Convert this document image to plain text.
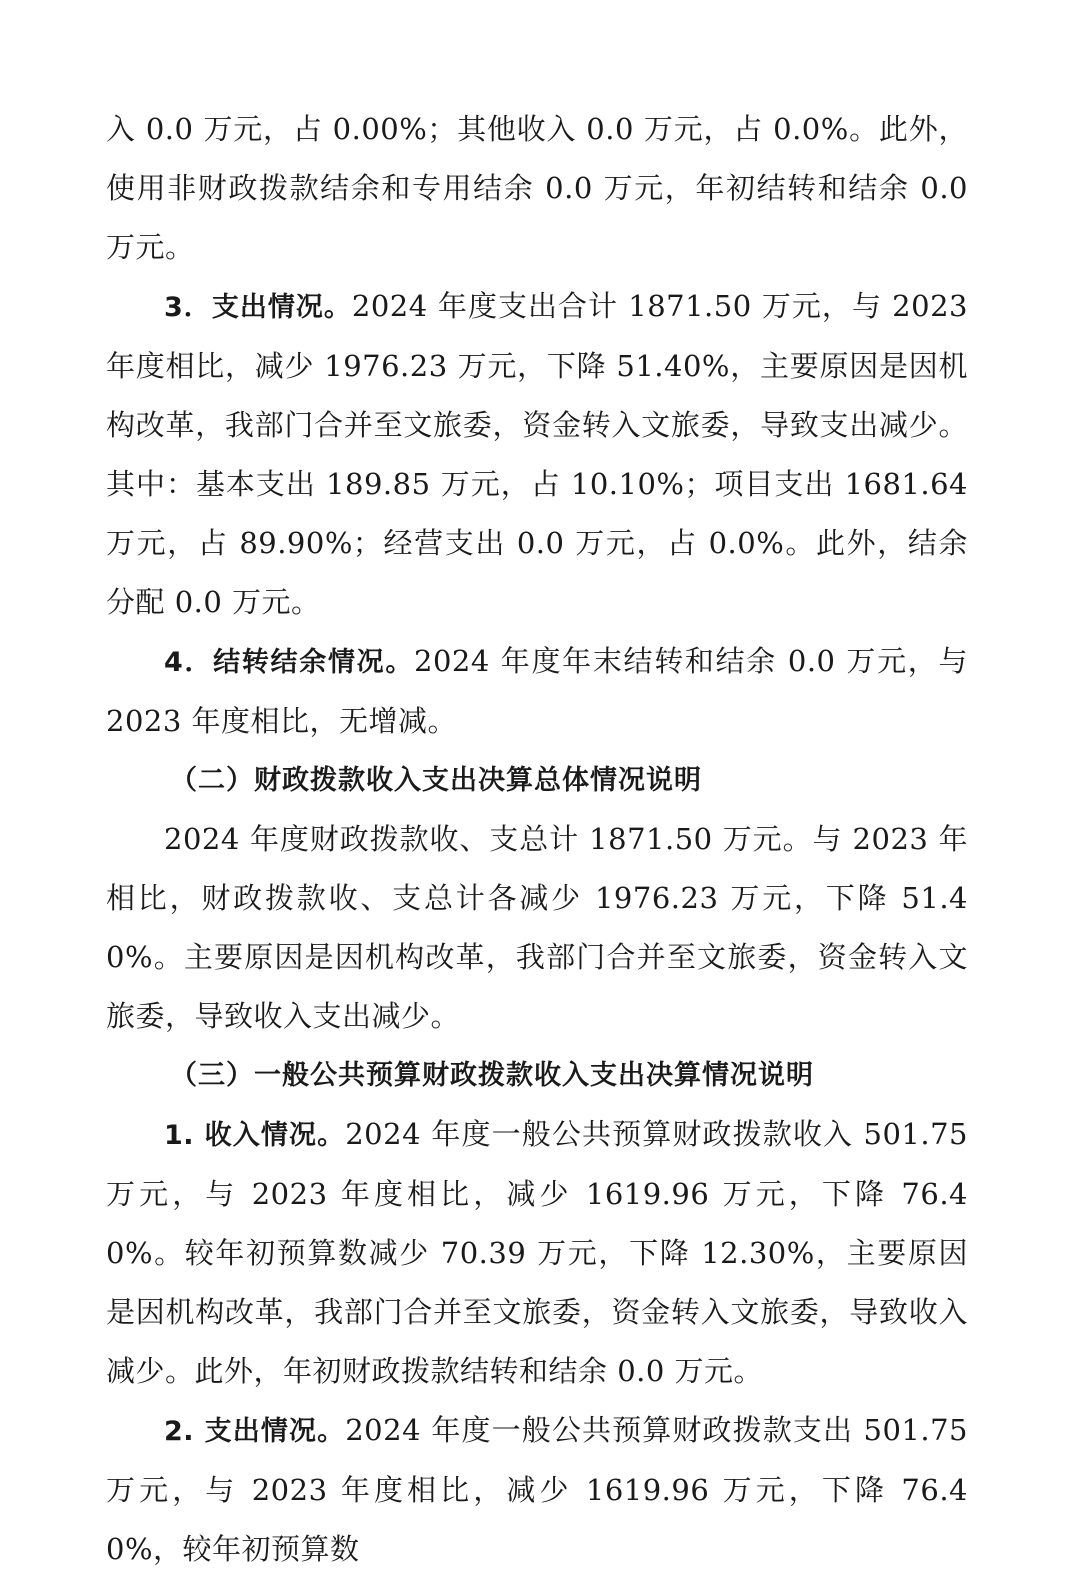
入 0.0 万元，占 0.00%；其他收入 0.0 万元，占 0.0%。此外，使用非财政拨款结余和专用结余 0.0 万元，年初结转和结余 0.0 万元。

3．支出情况。2024 年度支出合计 1871.50 万元，与 2023 年度相比，减少 1976.23 万元，下降 51.40%，主要原因是因机构改革，我部门合并至文旅委，资金转入文旅委，导致支出减少。其中：基本支出 189.85 万元，占 10.10%；项目支出 1681.64 万元，占 89.90%；经营支出 0.0 万元，占 0.0%。此外，结余分配 0.0 万元。

4．结转结余情况。2024 年度年末结转和结余 0.0 万元，与 2023 年度相比，无增减。

（二）财政拨款收入支出决算总体情况说明

2024 年度财政拨款收、支总计 1871.50 万元。与 2023 年相比，财政拨款收、支总计各减少 1976.23 万元，下降 51.40%。主要原因是因机构改革，我部门合并至文旅委，资金转入文旅委，导致收入支出减少。

（三）一般公共预算财政拨款收入支出决算情况说明

1. 收入情况。2024 年度一般公共预算财政拨款收入 501.75 万元，与 2023 年度相比，减少 1619.96 万元，下降 76.40%。较年初预算数减少 70.39 万元，下降 12.30%，主要原因是因机构改革，我部门合并至文旅委，资金转入文旅委，导致收入减少。此外，年初财政拨款结转和结余 0.0 万元。

2. 支出情况。2024 年度一般公共预算财政拨款支出 501.75 万元，与 2023 年度相比，减少 1619.96 万元，下降 76.40%，较年初预算数
